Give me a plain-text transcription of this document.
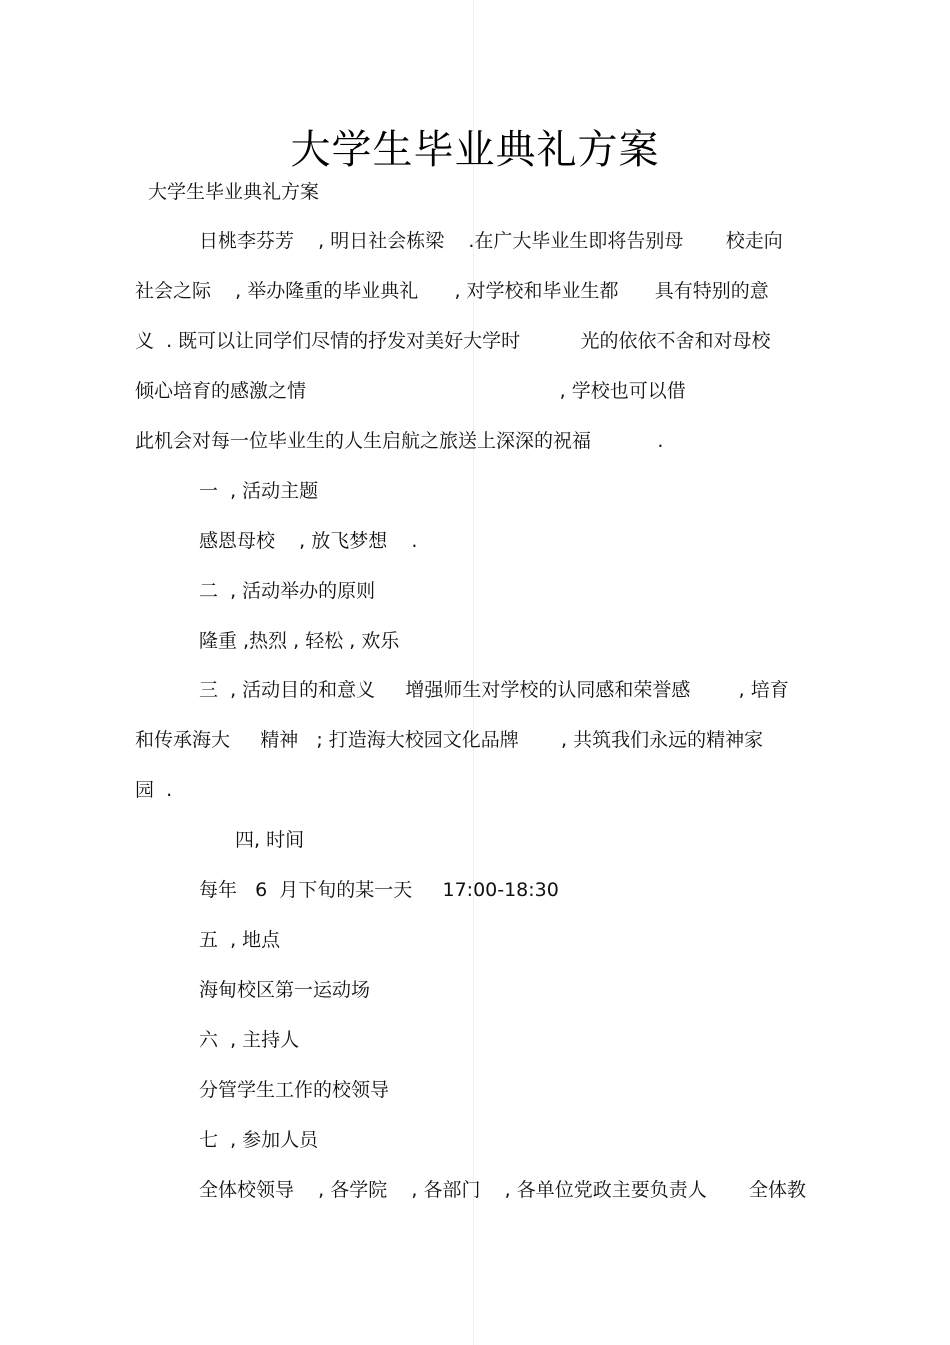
大学生毕业典礼方案
大学生毕业典礼方案
日桃李芬芳    , 明日社会栋梁    .在广大毕业生即将告别母       校走向
社会之际    , 举办隆重的毕业典礼      , 对学校和毕业生都      具有特别的意
义  . 既可以让同学们尽情的抒发对美好大学时          光的依依不舍和对母校
倾心培育的感激之情                                          , 学校也可以借
此机会对每一位毕业生的人生启航之旅送上深深的祝福           .
一  , 活动主题
感恩母校    , 放飞梦想    .
二  , 活动举办的原则
隆重 ,热烈 , 轻松 , 欢乐
三  , 活动目的和意义     增强师生对学校的认同感和荣誉感        , 培育
和传承海大     精神   ; 打造海大校园文化品牌       , 共筑我们永远的精神家
园  .
四, 时间
每年   6  月下旬的某一天     17:00-18:30
五  , 地点
海甸校区第一运动场
六  , 主持人
分管学生工作的校领导
七  , 参加人员
全体校领导    , 各学院    , 各部门    , 各单位党政主要负责人       全体教
